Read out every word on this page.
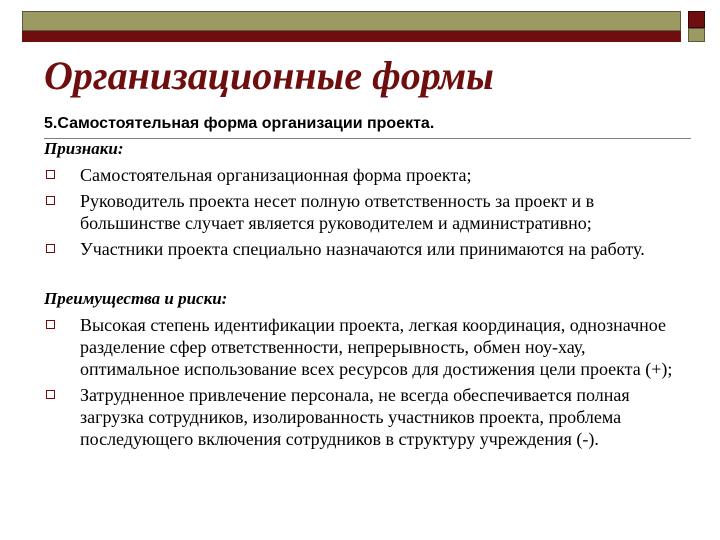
Организационные формы
5.Самостоятельная форма организации проекта.
Признаки:
Самостоятельная организационная форма проекта;
Руководитель проекта несет полную ответственность за проект и в большинстве случает является руководителем и административно;
Участники проекта специально назначаются или принимаются на работу.
Преимущества и риски:
Высокая степень идентификации проекта, легкая координация, однозначное разделение сфер ответственности, непрерывность, обмен ноу-хау, оптимальное использование всех ресурсов для достижения цели проекта (+);
Затрудненное привлечение персонала, не всегда обеспечивается полная загрузка сотрудников, изолированность участников проекта, проблема последующего включения сотрудников в структуру учреждения (-).
